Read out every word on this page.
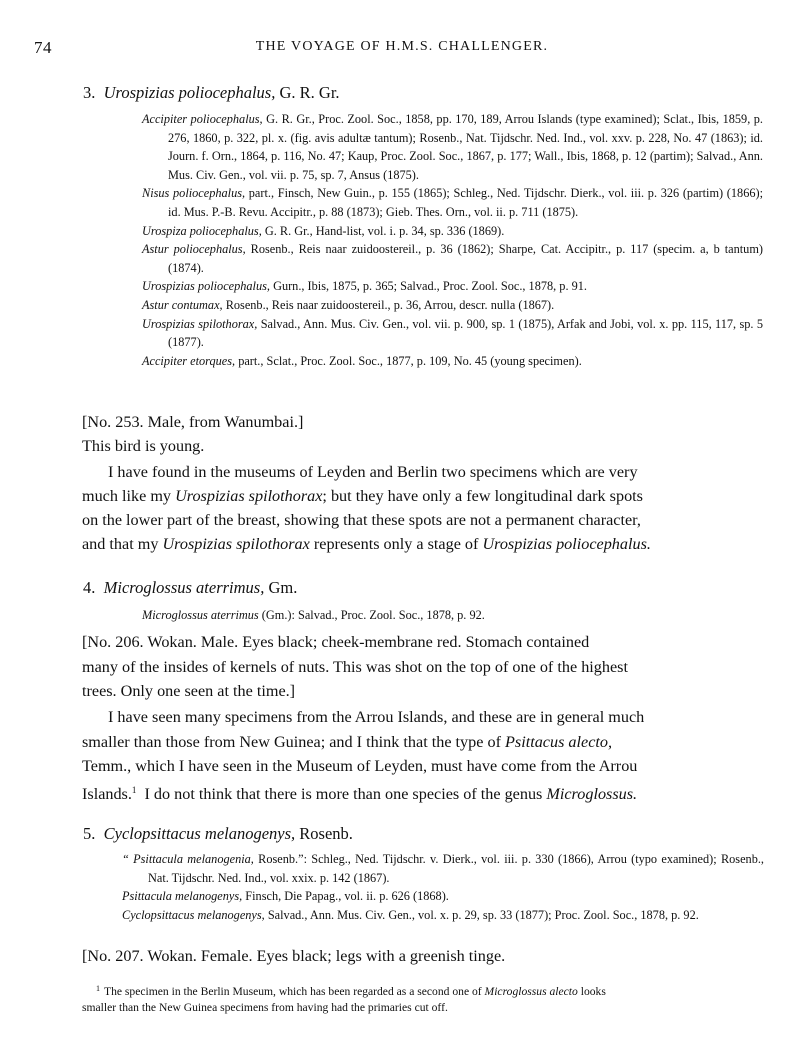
74	THE VOYAGE OF H.M.S. CHALLENGER.
3. Urospizias poliocephalus, G. R. Gr.
Accipiter poliocephalus, G. R. Gr., Proc. Zool. Soc., 1858, pp. 170, 189, Arrou Islands (type examined); Sclat., Ibis, 1859, p. 276, 1860, p. 322, pl. x. (fig. avis adultæ tantum); Rosenb., Nat. Tijdschr. Ned. Ind., vol. xxv. p. 228, No. 47 (1863); id. Journ. f. Orn., 1864, p. 116, No. 47; Kaup, Proc. Zool. Soc., 1867, p. 177; Wall., Ibis, 1868, p. 12 (partim); Salvad., Ann. Mus. Civ. Gen., vol. vii. p. 75, sp. 7, Ansus (1875).
Nisus poliocephalus, part., Finsch, New Guin., p. 155 (1865); Schleg., Ned. Tijdschr. Dierk., vol. iii. p. 326 (partim) (1866); id. Mus. P.-B. Revu. Accipitr., p. 88 (1873); Gieb. Thes. Orn., vol. ii. p. 711 (1875).
Urospiza poliocephalus, G. R. Gr., Hand-list, vol. i. p. 34, sp. 336 (1869).
Astur poliocephalus, Rosenb., Reis naar zuidoostereil., p. 36 (1862); Sharpe, Cat. Accipitr., p. 117 (specim. a, b tantum) (1874).
Urospizias poliocephalus, Gurn., Ibis, 1875, p. 365; Salvad., Proc. Zool. Soc., 1878, p. 91.
Astur contumax, Rosenb., Reis naar zuidoostereil., p. 36, Arrou, descr. nulla (1867).
Urospizias spilothorax, Salvad., Ann. Mus. Civ. Gen., vol. vii. p. 900, sp. 1 (1875), Arfak and Jobi, vol. x. pp. 115, 117, sp. 5 (1877).
Accipiter etorques, part., Sclat., Proc. Zool. Soc., 1877, p. 109, No. 45 (young specimen).
[No. 253. Male, from Wanumbai.]
This bird is young.
I have found in the museums of Leyden and Berlin two specimens which are very
much like my Urospizias spilothorax; but they have only a few longitudinal dark spots
on the lower part of the breast, showing that these spots are not a permanent character,
and that my Urospizias spilothorax represents only a stage of Urospizias poliocephalus.
4. Microglossus aterrimus, Gm.
Microglossus aterrimus (Gm.): Salvad., Proc. Zool. Soc., 1878, p. 92.
[No. 206. Wokan. Male. Eyes black; cheek-membrane red. Stomach contained
many of the insides of kernels of nuts. This was shot on the top of one of the highest
trees. Only one seen at the time.]
I have seen many specimens from the Arrou Islands, and these are in general much
smaller than those from New Guinea; and I think that the type of Psittacus alecto,
Temm., which I have seen in the Museum of Leyden, must have come from the Arrou
Islands.$^1$  I do not think that there is more than one species of the genus Microglossus.
5. Cyclopsittacus melanogenys, Rosenb.
“ Psittacula melanogenia, Rosenb.”: Schleg., Ned. Tijdschr. v. Dierk., vol. iii. p. 330 (1866), Arrou (typo examined); Rosenb., Nat. Tijdschr. Ned. Ind., vol. xxix. p. 142 (1867).
Psittacula melanogenys, Finsch, Die Papag., vol. ii. p. 626 (1868).
Cyclopsittacus melanogenys, Salvad., Ann. Mus. Civ. Gen., vol. x. p. 29, sp. 33 (1877); Proc. Zool. Soc., 1878, p. 92.
[No. 207. Wokan. Female. Eyes black; legs with a greenish tinge.
$^1$ The specimen in the Berlin Museum, which has been regarded as a second one of Microglossus alecto looks
smaller than the New Guinea specimens from having had the primaries cut off.
